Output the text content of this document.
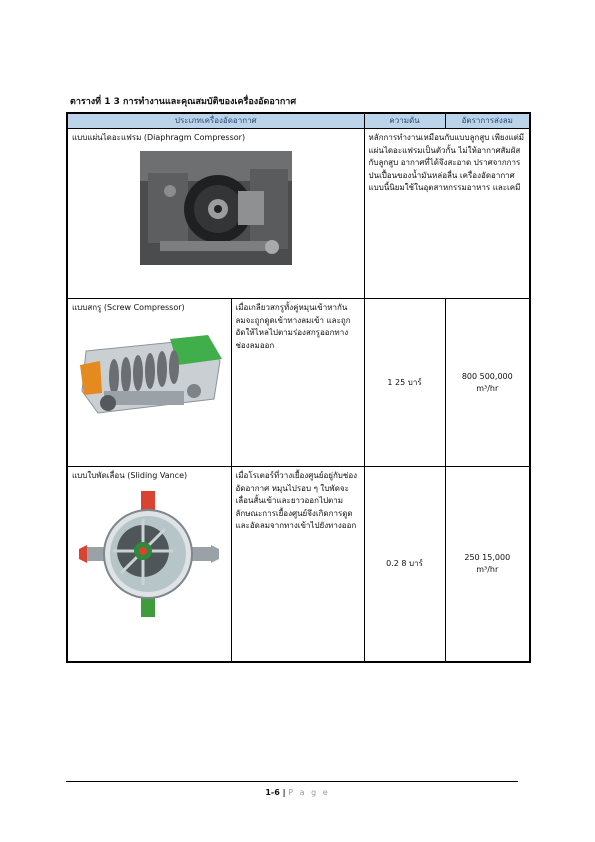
ตารางที่ 1 3 การทำงานและคุณสมบัติของเครื่องอัดอากาศ
ประเภทเครื่องอัดอากาศ		ความดัน	อัตราการส่งลม

แบบแผ่นไดอะแฟรม (Diaphragm Compressor)		หลักการทำงานเหมือนกับแบบลูกสูบ เพียงแต่มีแผ่นไดอะแฟรมเป็นตัวกั้น ไม่ให้อากาศสัมผัสกับลูกสูบ อากาศที่ได้จึงสะอาด ปราศจากการปนเปื้อนของน้ำมันหล่อลื่น เครื่องอัดอากาศแบบนี้นิยมใช้ในอุตสาหกรรมอาหาร และเคมี	

แบบสกรู (Screw Compressor)	เมื่อเกลียวสกรูทั้งคู่หมุนเข้าหากัน ลมจะถูกดูดเข้าทางลมเข้า และถูกอัดให้ไหลไปตามร่องสกรูออกทางช่องลมออก	1 25 บาร์	800 500,000
m³/hr

แบบใบพัดเลื่อน (Sliding Vance)	เมื่อโรเตอร์ที่วางเยื้องศูนย์อยู่กับช่องอัดอากาศ หมุนไปรอบ ๆ ใบพัดจะเลื่อนสั้นเข้าและยาวออกไปตามลักษณะการเยื้องศูนย์จึงเกิดการดูดและอัดลมจากทางเข้าไปยังทางออก	0.2 8 บาร์	250 15,000
m³/hr
1-6 | P a g e
